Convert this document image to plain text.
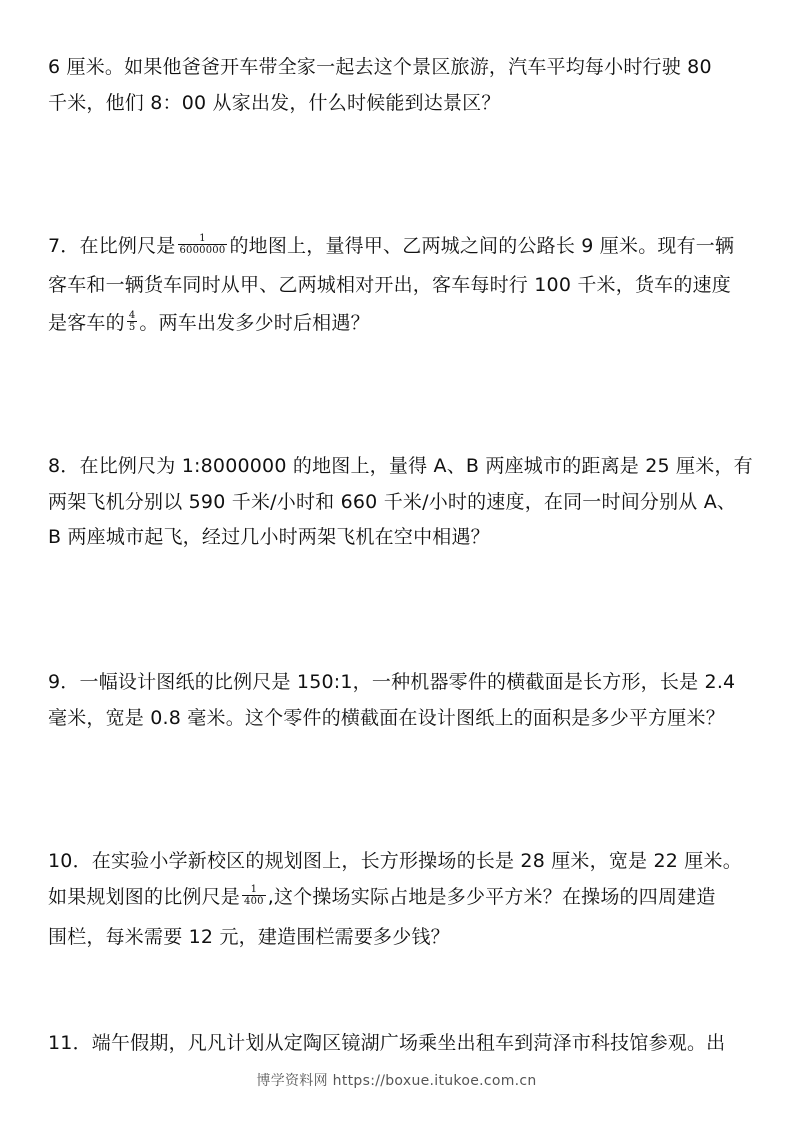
6 厘米。如果他爸爸开车带全家一起去这个景区旅游，汽车平均每小时行驶 80
千米，他们 8：00 从家出发，什么时候能到达景区？
7．在比例尺是 $\frac{1}{6000000}$ 的地图上，量得甲、乙两城之间的公路长 9 厘米。现有一辆
客车和一辆货车同时从甲、乙两城相对开出，客车每时行 100 千米，货车的速度
是客车的 $\frac{4}{5}$ 。两车出发多少时后相遇？
8．在比例尺为 1:8000000 的地图上，量得 A、B 两座城市的距离是 25 厘米，有
两架飞机分别以 590 千米/小时和 660 千米/小时的速度，在同一时间分别从 A、
B 两座城市起飞，经过几小时两架飞机在空中相遇？
9．一幅设计图纸的比例尺是 150:1，一种机器零件的横截面是长方形，长是 2.4
毫米，宽是 0.8 毫米。这个零件的横截面在设计图纸上的面积是多少平方厘米？
10．在实验小学新校区的规划图上，长方形操场的长是 28 厘米，宽是 22 厘米。
如果规划图的比例尺是 $\frac{1}{400}$ ,这个操场实际占地是多少平方米？在操场的四周建造
围栏，每米需要 12 元，建造围栏需要多少钱？
11．端午假期，凡凡计划从定陶区镜湖广场乘坐出租车到菏泽市科技馆参观。出
博学资料网 https://boxue.itukoe.com.cn
